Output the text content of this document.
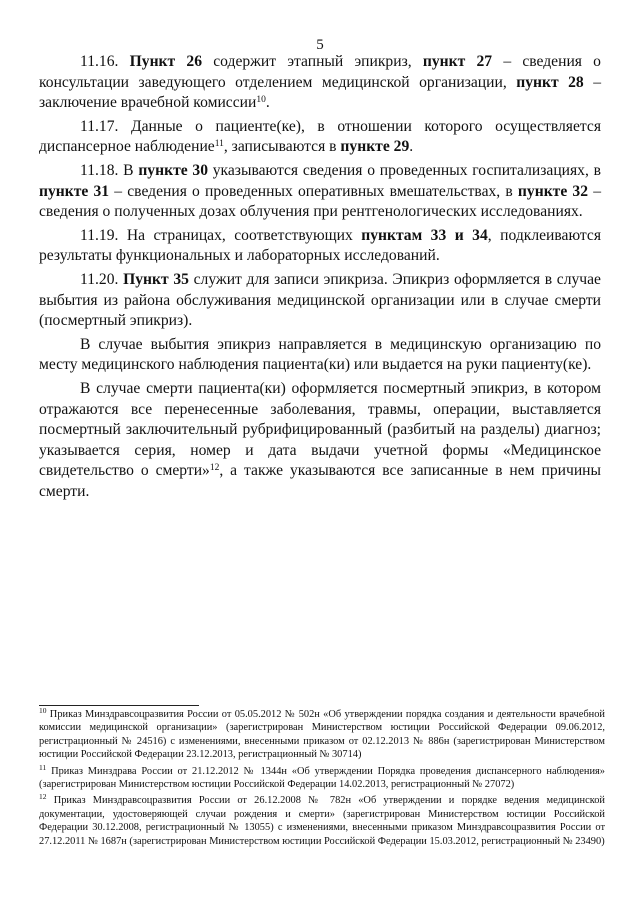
5

11.16. Пункт 26 содержит этапный эпикриз, пункт 27 – сведения о консультации заведующего отделением медицинской организации, пункт 28 – заключение врачебной комиссии$^{10}$.

11.17. Данные о пациенте(ке), в отношении которого осуществляется диспансерное наблюдение$^{11}$, записываются в пункте 29.

11.18. В пункте 30 указываются сведения о проведенных госпитализациях, в пункте 31 – сведения о проведенных оперативных вмешательствах, в пункте 32 – сведения о полученных дозах облучения при рентгенологических исследованиях.

11.19. На страницах, соответствующих пунктам 33 и 34, подклеиваются результаты функциональных и лабораторных исследований.

11.20. Пункт 35 служит для записи эпикриза. Эпикриз оформляется в случае выбытия из района обслуживания медицинской организации или в случае смерти (посмертный эпикриз).

В случае выбытия эпикриз направляется в медицинскую организацию по месту медицинского наблюдения пациента(ки) или выдается на руки пациенту(ке).

В случае смерти пациента(ки) оформляется посмертный эпикриз, в котором отражаются все перенесенные заболевания, травмы, операции, выставляется посмертный заключительный рубрифицированный (разбитый на разделы) диагноз; указывается серия, номер и дата выдачи учетной формы «Медицинское свидетельство о смерти»$^{12}$, а также указываются все записанные в нем причины смерти.

$^{10}$ Приказ Минздравсоцразвития России от 05.05.2012 № 502н «Об утверждении порядка создания и деятельности врачебной комиссии медицинской организации» (зарегистрирован Министерством юстиции Российской Федерации 09.06.2012, регистрационный № 24516) с изменениями, внесенными приказом от 02.12.2013 № 886н (зарегистрирован Министерством юстиции Российской Федерации 23.12.2013, регистрационный № 30714)

$^{11}$ Приказ Минздрава России от 21.12.2012 № 1344н «Об утверждении Порядка проведения диспансерного наблюдения» (зарегистрирован Министерством юстиции Российской Федерации 14.02.2013, регистрационный № 27072)

$^{12}$ Приказ Минздравсоцразвития России от 26.12.2008 № 782н «Об утверждении и порядке ведения медицинской документации, удостоверяющей случаи рождения и смерти» (зарегистрирован Министерством юстиции Российской Федерации 30.12.2008, регистрационный № 13055) с изменениями, внесенными приказом Минздравсоцразвития России от 27.12.2011 № 1687н (зарегистрирован Министерством юстиции Российской Федерации 15.03.2012, регистрационный № 23490)
